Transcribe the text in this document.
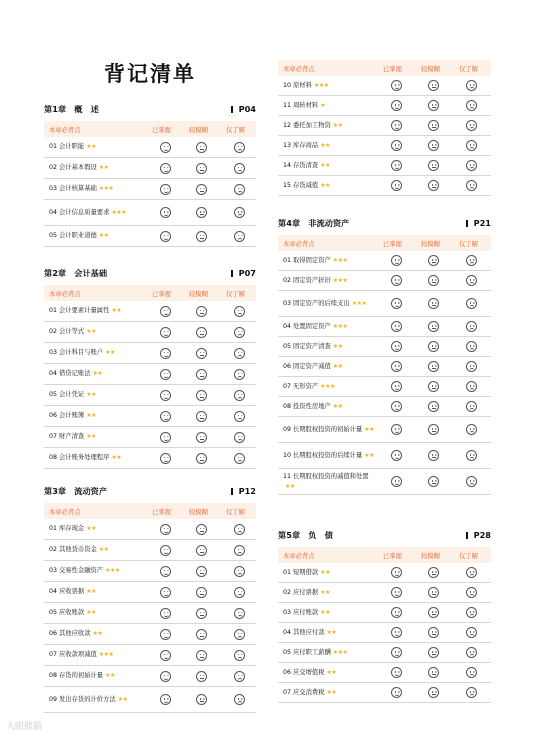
背记清单
第1章　概　述	P04
本章必背点	已掌握	较模糊	仅了解
01 会计职能 ★★
02 会计基本假设 ★★
03 会计核算基础 ★★★
04 会计信息质量要求 ★★★
05 会计职业道德 ★★
第2章　会计基础	P07
本章必背点	已掌握	较模糊	仅了解
01 会计要素计量属性 ★★
02 会计等式 ★★
03 会计科目与账户 ★★
04 借贷记账法 ★★
05 会计凭证 ★★
06 会计账簿 ★★
07 财产清查 ★★
08 会计账务处理程序 ★★
第3章　流动资产	P12
本章必背点	已掌握	较模糊	仅了解
01 库存现金 ★★
02 其他货币资金 ★★
03 交易性金融资产 ★★★
04 应收票据 ★★
05 应收账款 ★★
06 其他应收款 ★★
07 应收款项减值 ★★★
08 存货的初始计量 ★★
09 发出存货的计价方法 ★★
本章必背点	已掌握	较模糊	仅了解
10 原材料 ★★★
11 周转材料 ★
12 委托加工物资 ★★
13 库存商品 ★★
14 存货清查 ★★
15 存货减值 ★★
第4章　非流动资产	P21
本章必背点	已掌握	较模糊	仅了解
01 取得固定资产 ★★★
02 固定资产折旧 ★★★
03 固定资产的后续支出 ★★★
04 处置固定资产 ★★★
05 固定资产清查 ★★
06 固定资产减值 ★★
07 无形资产 ★★★
08 投资性房地产 ★★
09 长期股权投资的初始计量 ★★
10 长期股权投资的后续计量 ★★
11 长期股权投资的减值和处置★★
第5章　负　债	P28
本章必背点	已掌握	较模糊	仅了解
01 短期借款 ★★
02 应付票据 ★★
03 应付账款 ★★
04 其他应付款 ★★
05 应付职工薪酬 ★★★
06 应交增值税 ★★
07 应交消费税 ★★
大眼熊猫
